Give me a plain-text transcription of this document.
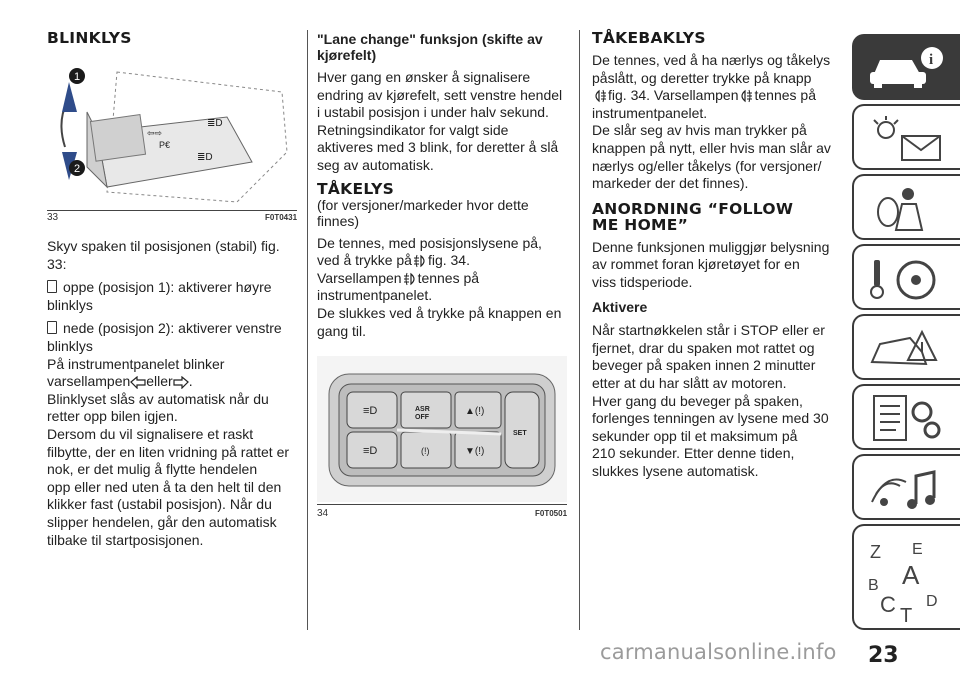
BLINKLYS
1
2
⇦⇨
≣D
≣D
P€
33	F0T0431

Skyv spaken til posisjonen (stabil) fig.

33:

oppe (posisjon 1): aktiverer høyre

blinklys

nede (posisjon 2): aktiverer venstre

blinklys

På instrumentpanelet blinker

varsellampen eller .

Blinklyset slås av automatisk når du

retter opp bilen igjen.

Dersom du vil signalisere et raskt

filbytte, der en liten vridning på rattet er

nok, er det mulig å flytte hendelen

opp eller ned uten å ta den helt til den

klikker fast (ustabil posisjon). Når du

slipper hendelen, går den automatisk

tilbake til startposisjonen.

"Lane change" funksjon (skifte av

kjørefelt)

Hver gang en ønsker å signalisere

endring av kjørefelt, sett venstre hendel

i ustabil posisjon i under halv sekund.

Retningsindikator for valgt side

aktiveres med 3 blink, for deretter å slå

seg av automatisk.

TÅKELYS

(for versjoner/markeder hvor dette

finnes)

De tennes, med posisjonslysene på,

ved å trykke på fig. 34.

Varsellampen tennes på

instrumentpanelet.

De slukkes ved å trykke på knappen en

gang til.

≡D
≡D
▲(!)
▼(!)
(!)
ASR
OFF
SET
34	F0T0501
TÅKEBAKLYS

De tennes, ved å ha nærlys og tåkelys

påslått, og deretter trykke på knapp

fig. 34. Varsellampen tennes på

instrumentpanelet.

De slår seg av hvis man trykker på

knappen på nytt, eller hvis man slår av

nærlys og/eller tåkelys (for versjoner/

markeder der det finnes).

ANORDNING “FOLLOW
ME HOME”

Denne funksjonen muliggjør belysning

av rommet foran kjøretøyet for en

viss tidsperiode.

Aktivere

Når startnøkkelen står i STOP eller er

fjernet, drar du spaken mot rattet og

beveger på spaken innen 2 minutter

etter at du har slått av motoren.

Hver gang du beveger på spaken,

forlenges tenningen av lysene med 30

sekunder opp til et maksimum på

210 sekunder. Etter denne tiden,

slukkes lysene automatisk.

i
Z E
A
B
C D
T
23
carmanualsonline.info
